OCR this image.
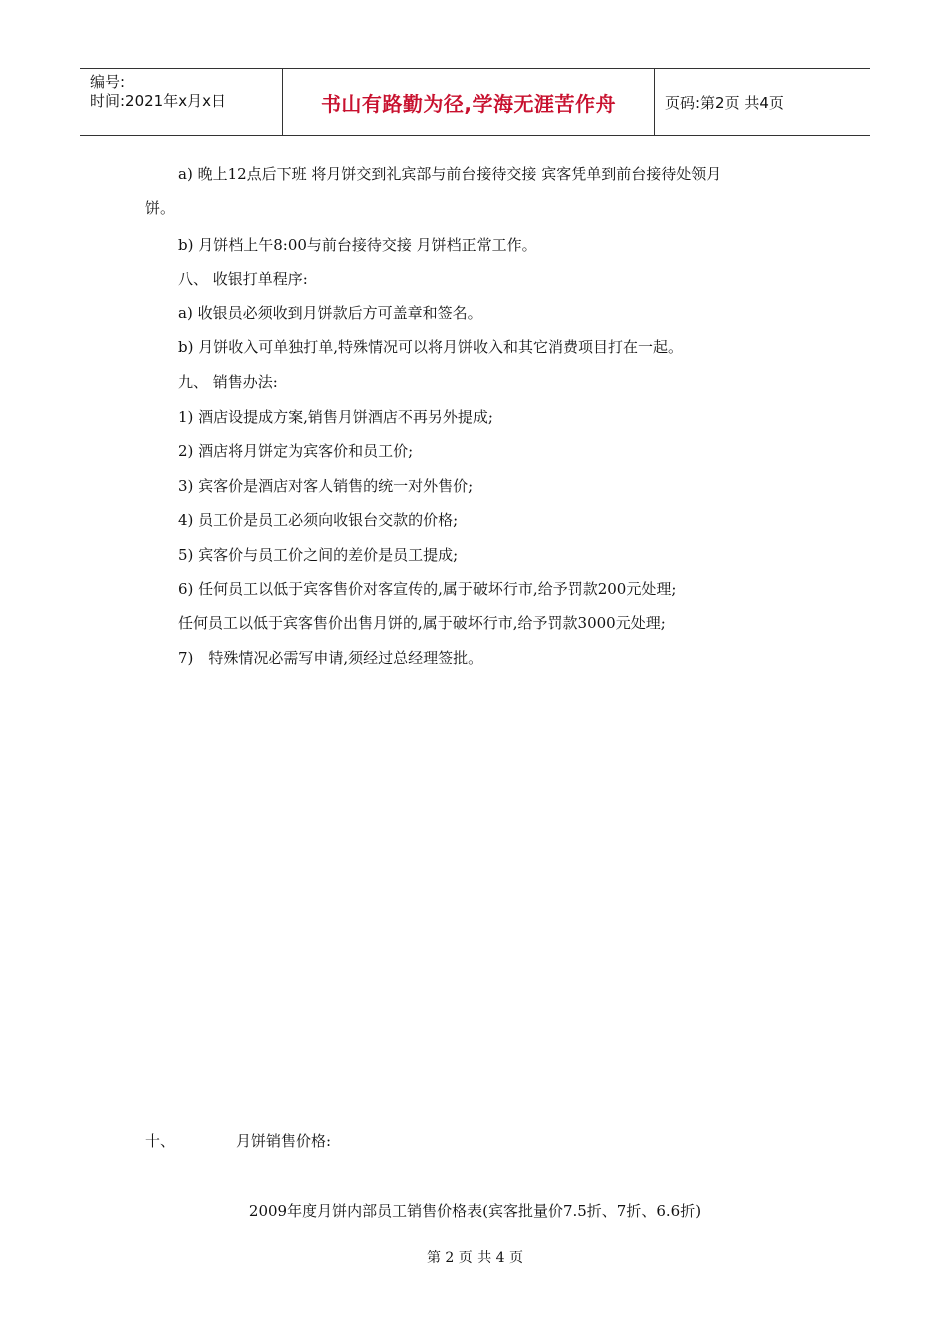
编号:
时间:2021年x月x日	书山有路勤为径,学海无涯苦作舟	页码:第2页 共4页
a) 晚上12点后下班 将月饼交到礼宾部与前台接待交接 宾客凭单到前台接待处领月
饼。
b) 月饼档上午8:00与前台接待交接 月饼档正常工作。
八、 收银打单程序:
a) 收银员必须收到月饼款后方可盖章和签名。
b) 月饼收入可单独打单,特殊情况可以将月饼收入和其它消费项目打在一起。
九、 销售办法:
1) 酒店设提成方案,销售月饼酒店不再另外提成;
2) 酒店将月饼定为宾客价和员工价;
3) 宾客价是酒店对客人销售的统一对外售价;
4) 员工价是员工必须向收银台交款的价格;
5) 宾客价与员工价之间的差价是员工提成;
6) 任何员工以低于宾客售价对客宣传的,属于破坏行市,给予罚款200元处理;
任何员工以低于宾客售价出售月饼的,属于破坏行市,给予罚款3000元处理;
7)　特殊情况必需写申请,须经过总经理签批。
十、	月饼销售价格:
2009年度月饼内部员工销售价格表(宾客批量价7.5折、7折、6.6折)
第 2 页 共 4 页
